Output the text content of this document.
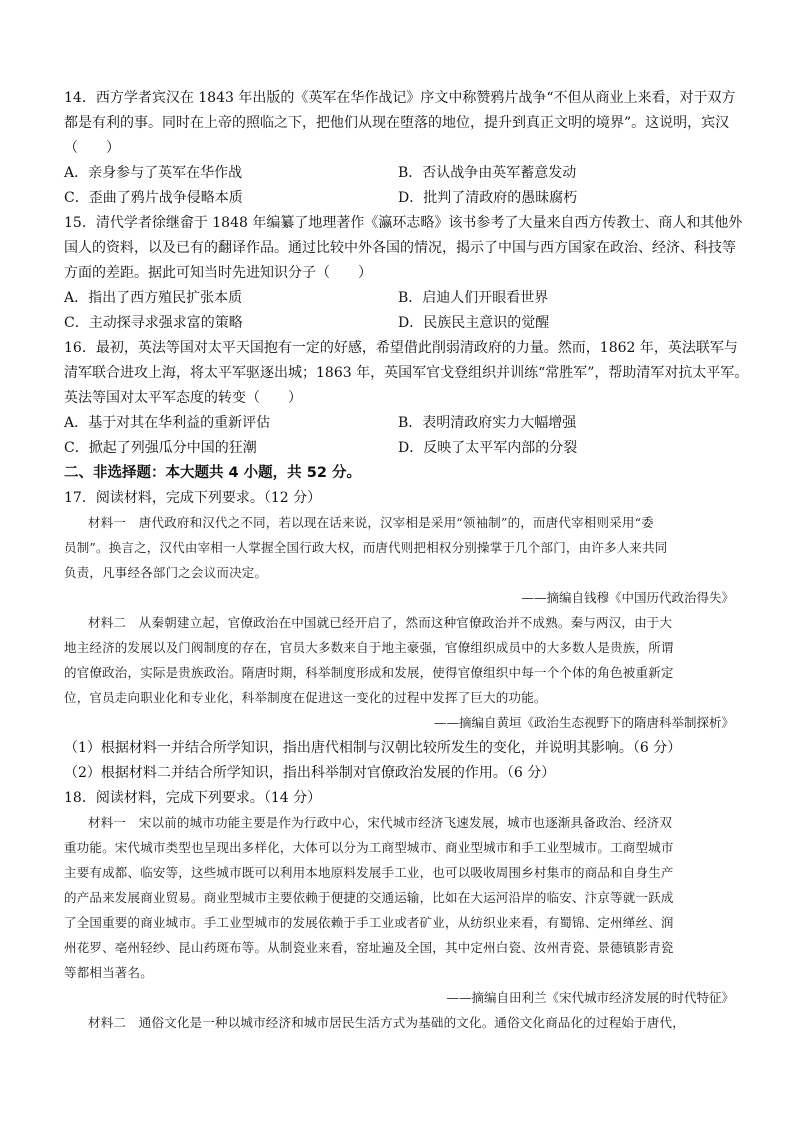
14．西方学者宾汉在 1843 年出版的《英军在华作战记》序文中称赞鸦片战争“不但从商业上来看，对于双方
都是有利的事。同时在上帝的照临之下，把他们从现在堕落的地位，提升到真正文明的境界”。这说明，宾汉
（　　）
A．亲身参与了英军在华作战	B．否认战争由英军蓄意发动
C．歪曲了鸦片战争侵略本质	D．批判了清政府的愚昧腐朽
15．清代学者徐继畲于 1848 年编纂了地理著作《瀛环志略》该书参考了大量来自西方传教士、商人和其他外
国人的资料，以及已有的翻译作品。通过比较中外各国的情况，揭示了中国与西方国家在政治、经济、科技等
方面的差距。据此可知当时先进知识分子（　　）
A．指出了西方殖民扩张本质	B．启迪人们开眼看世界
C．主动探寻求强求富的策略	D．民族民主意识的觉醒
16．最初，英法等国对太平天国抱有一定的好感，希望借此削弱清政府的力量。然而，1862 年，英法联军与
清军联合进攻上海，将太平军驱逐出城；1863 年，英国军官戈登组织并训练“常胜军”，帮助清军对抗太平军。
英法等国对太平军态度的转变（　　）
A．基于对其在华利益的重新评估	B．表明清政府实力大幅增强
C．掀起了列强瓜分中国的狂潮	D．反映了太平军内部的分裂
二、非选择题：本大题共 4 小题，共 52 分。
17．阅读材料，完成下列要求。（12 分）
材料一　唐代政府和汉代之不同，若以现在话来说，汉宰相是采用“领袖制”的，而唐代宰相则采用“委
员制”。换言之，汉代由宰相一人掌握全国行政大权，而唐代则把相权分别操掌于几个部门，由许多人来共同
负责，凡事经各部门之会议而决定。
——摘编自钱穆《中国历代政治得失》
材料二　从秦朝建立起，官僚政治在中国就已经开启了，然而这种官僚政治并不成熟。秦与两汉，由于大
地主经济的发展以及门阀制度的存在，官员大多数来自于地主豪强，官僚组织成员中的大多数人是贵族，所谓
的官僚政治，实际是贵族政治。隋唐时期，科举制度形成和发展，使得官僚组织中每一个个体的角色被重新定
位，官员走向职业化和专业化，科举制度在促进这一变化的过程中发挥了巨大的功能。
——摘编自黄垣《政治生态视野下的隋唐科举制探析》
（1）根据材料一并结合所学知识，指出唐代相制与汉朝比较所发生的变化，并说明其影响。（6 分）
（2）根据材料二并结合所学知识，指出科举制对官僚政治发展的作用。（6 分）
18．阅读材料，完成下列要求。（14 分）
材料一　宋以前的城市功能主要是作为行政中心，宋代城市经济飞速发展，城市也逐渐具备政治、经济双
重功能。宋代城市类型也呈现出多样化，大体可以分为工商型城市、商业型城市和手工业型城市。工商型城市
主要有成都、临安等，这些城市既可以利用本地原料发展手工业，也可以吸收周围乡村集市的商品和自身生产
的产品来发展商业贸易。商业型城市主要依赖于便捷的交通运输，比如在大运河沿岸的临安、汴京等就一跃成
了全国重要的商业城市。手工业型城市的发展依赖于手工业或者矿业，从纺织业来看，有蜀锦、定州缂丝、润
州花罗、亳州轻纱、昆山药斑布等。从制瓷业来看，窑址遍及全国，其中定州白瓷、汝州青瓷、景德镇影青瓷
等都相当著名。
——摘编自田利兰《宋代城市经济发展的时代特征》
材料二　通俗文化是一种以城市经济和城市居民生活方式为基础的文化。通俗文化商品化的过程始于唐代，
